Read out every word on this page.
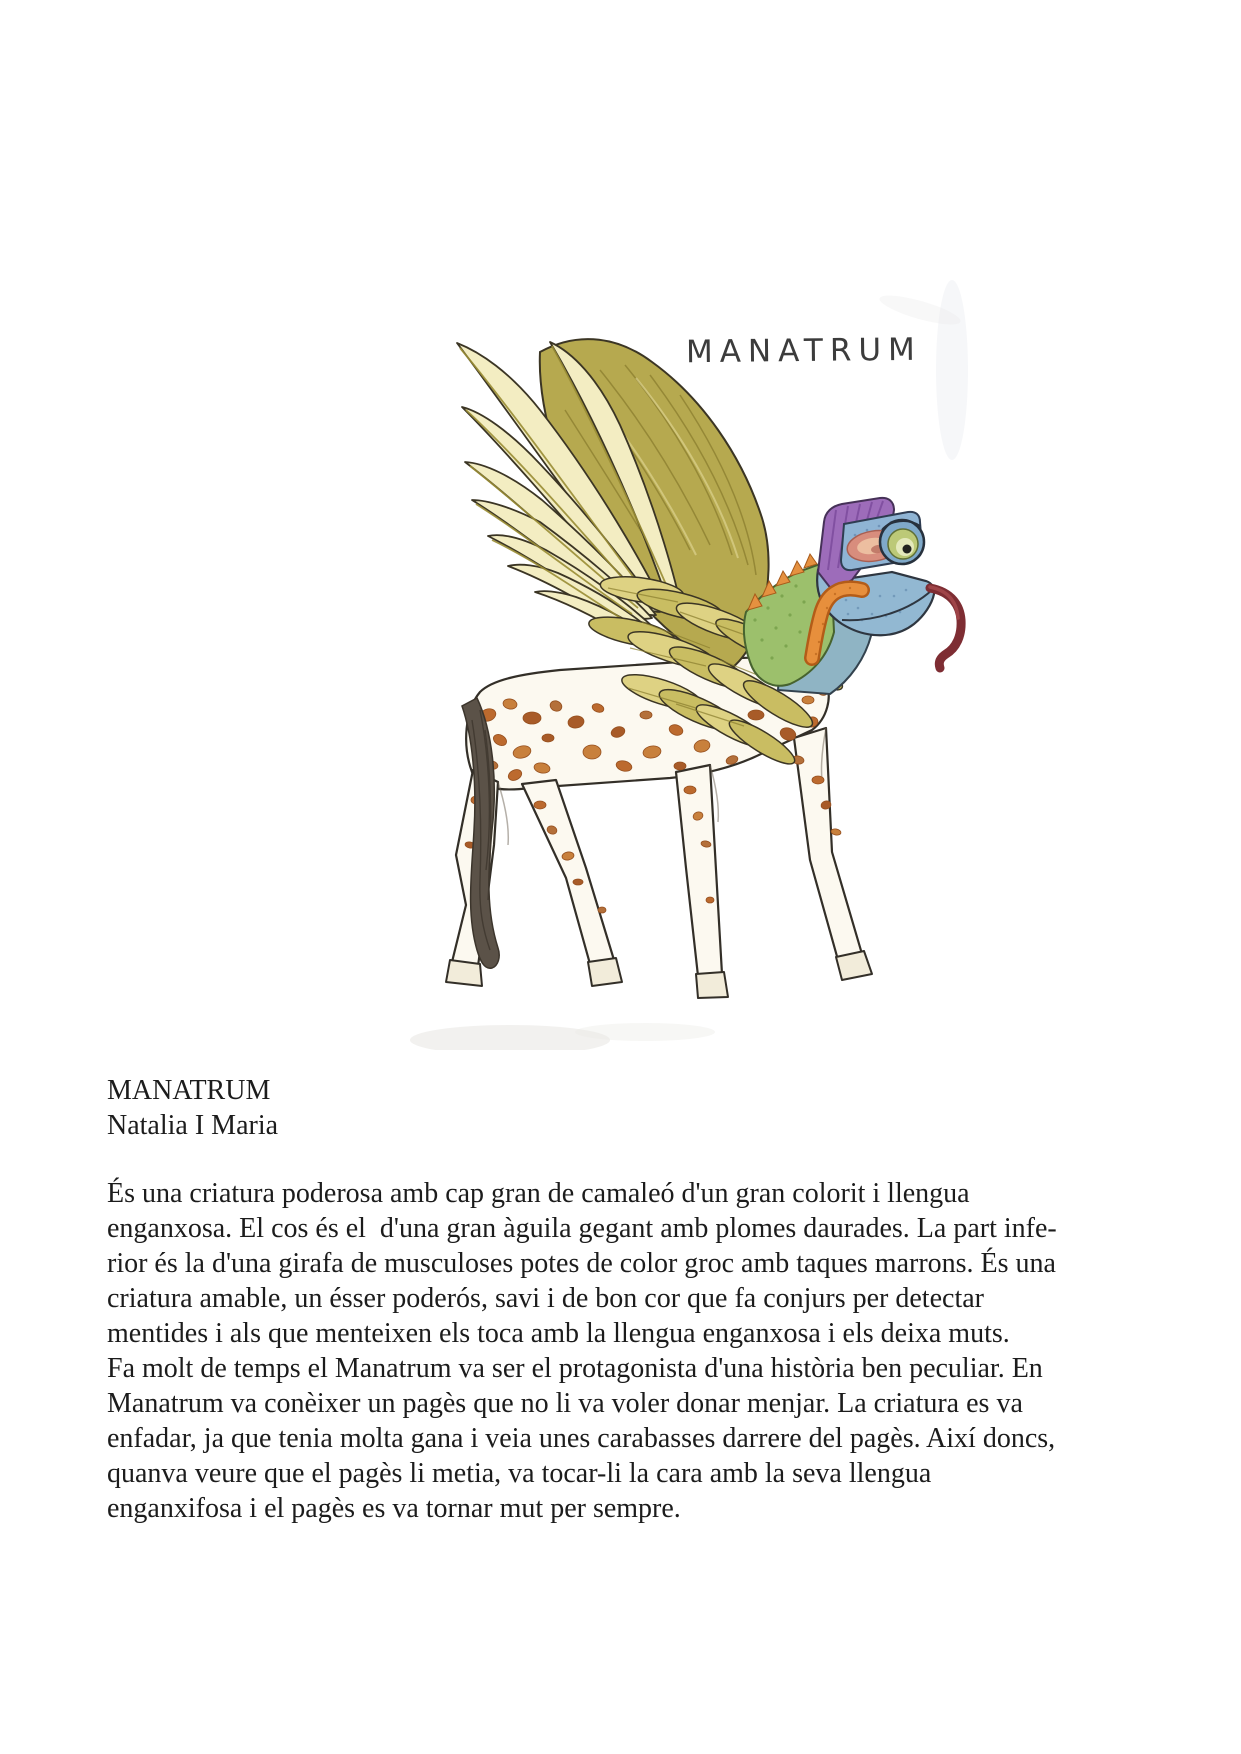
MANATRUM
MANATRUM
Natalia I Maria
És una criatura poderosa amb cap gran de camaleó d'un gran colorit i llengua
enganxosa. El cos és el  d'una gran àguila gegant amb plomes daurades. La part infe-
rior és la d'una girafa de musculoses potes de color groc amb taques marrons. És una
criatura amable, un ésser poderós, savi i de bon cor que fa conjurs per detectar
mentides i als que menteixen els toca amb la llengua enganxosa i els deixa muts.
Fa molt de temps el Manatrum va ser el protagonista d'una història ben peculiar. En
Manatrum va conèixer un pagès que no li va voler donar menjar. La criatura es va
enfadar, ja que tenia molta gana i veia unes carabasses darrere del pagès. Així doncs,
quanva veure que el pagès li metia, va tocar-li la cara amb la seva llengua
enganxifosa i el pagès es va tornar mut per sempre.
